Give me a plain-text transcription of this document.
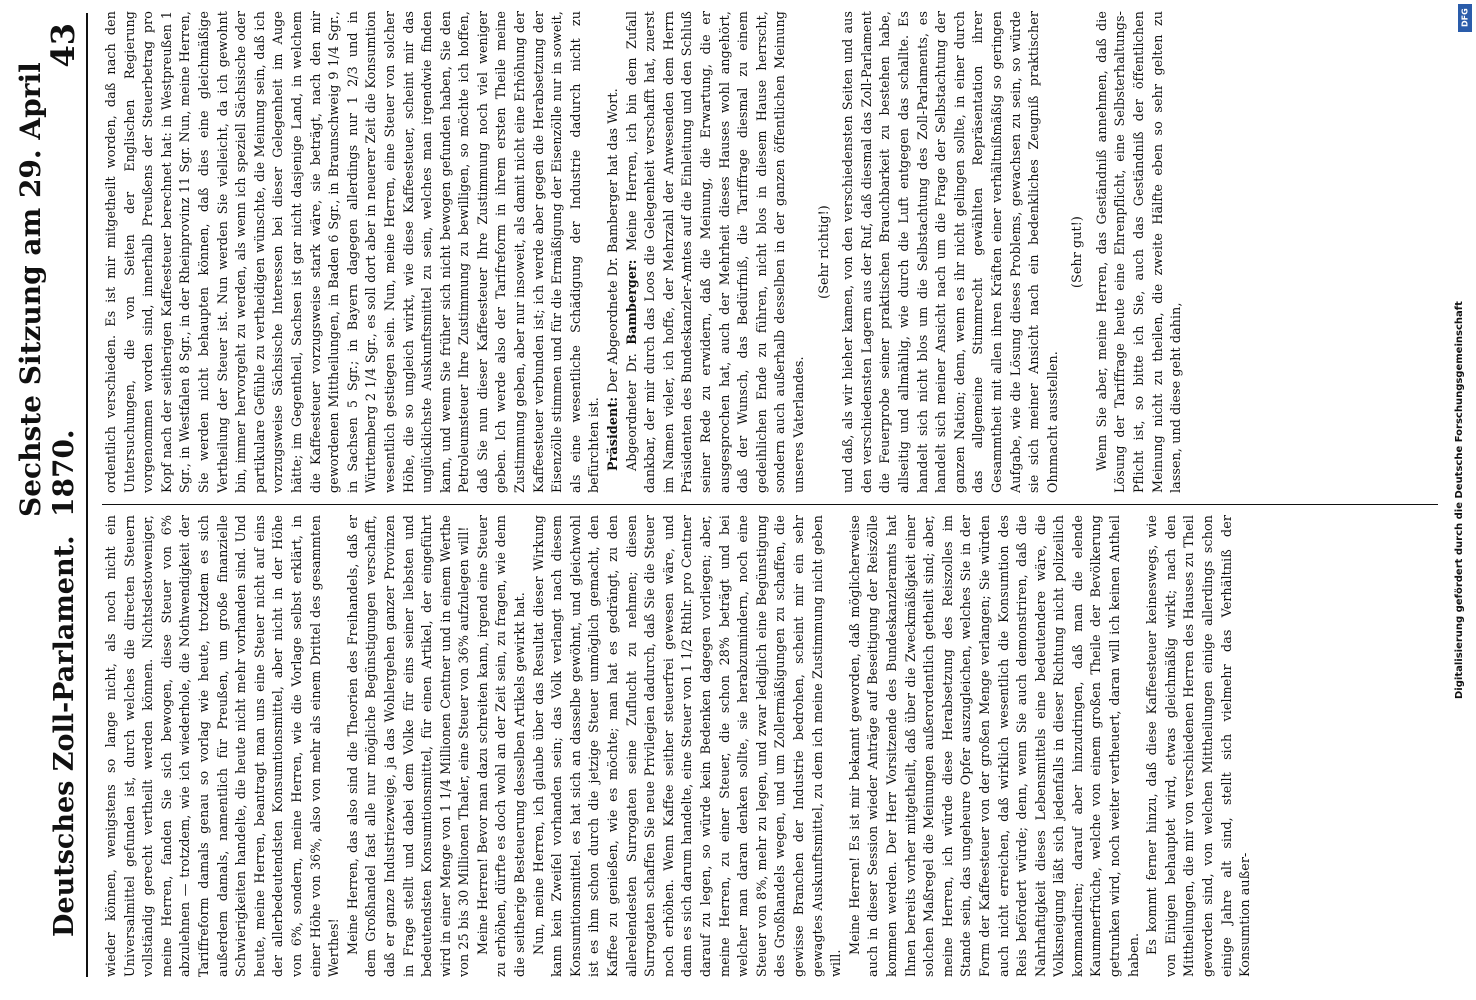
Deutsches Zoll-Parlament.
Sechste Sitzung am 29. April 1870.
43

wieder können, wenigstens so lange nicht, als noch nicht ein Universalmittel gefunden ist, durch welches die directen Steuern vollständig gerecht vertheilt werden können. Nichtsdestoweniger, meine Herren, fanden Sie sich bewogen, diese Steuer von 6% abzulehnen — trotzdem, wie ich wiederhole, die Nothwendigkeit der Tariffreform damals genau so vorlag wie heute, trotzdem es sich außerdem damals, namentlich für Preußen, um große finanzielle Schwierigkeiten handelte, die heute nicht mehr vorhanden sind. Und heute, meine Herren, beantragt man uns eine Steuer nicht auf eins der allerbedeutendsten Konsumtionsmittel, aber nicht in der Höhe von 6%, sondern, meine Herren, wie die Vorlage selbst erklärt, in einer Höhe von 36%, also von mehr als einem Drittel des gesammten Werthes! Meine Herren, das also sind die Theorien des Freihandels, daß er dem Großhandel fast alle nur mögliche Begünstigungen verschafft, daß er ganze Industriezweige, ja das Wohlergehen ganzer Provinzen in Frage stellt und dabei dem Volke für eins seiner liebsten und bedeutendsten Konsumtionsmittel, für einen Artikel, der eingeführt wird in einer Menge von 1 1/4 Millionen Centner und in einem Werthe von 25 bis 30 Millionen Thaler, eine Steuer von 36% aufzulegen will! Meine Herren! Bevor man dazu schreiten kann, irgend eine Steuer zu erhöhen, dürfte es doch wohl an der Zeit sein, zu fragen, wie denn die seitherige Besteuerung desselben Artikels gewirkt hat. Nun, meine Herren, ich glaube über das Resultat dieser Wirkung kann kein Zweifel vorhanden sein; das Volk verlangt nach diesem Konsumtionsmittel. es hat sich an dasselbe gewöhnt, und gleichwohl ist es ihm schon durch die jetzige Steuer unmöglich gemacht, den Kaffee zu genießen, wie es möchte; man hat es gedrängt, zu den allerelendesten Surrogaten seine Zuflucht zu nehmen; diesen Surrogaten schaffen Sie neue Privilegien dadurch, daß Sie die Steuer noch erhöhen. Wenn Kaffee seither steuerfrei gewesen wäre, und dann es sich darum handelte, eine Steuer von 1 1/2 Rthlr. pro Centner darauf zu legen, so würde kein Bedenken dagegen vorliegen; aber, meine Herren, zu einer Steuer, die schon 28% beträgt und bei welcher man daran denken sollte, sie herabzumindern, noch eine Steuer von 8%, mehr zu legen, und zwar lediglich eine Begünstigung des Großhandels wegen, und um Zollermäßigungen zu schaffen, die gewisse Branchen der Industrie bedrohen, scheint mir ein sehr gewagtes Auskunftsmittel, zu dem ich meine Zustimmung nicht geben will.

Meine Herren! Es ist mir bekannt geworden, daß möglicherweise auch in dieser Session wieder Anträge auf Beseitigung der Reiszölle kommen werden. Der Herr Vorsitzende des Bundeskanzleramts hat Ihnen bereits vorher mitgetheilt, daß über die Zweckmäßigkeit einer solchen Maßregel die Meinungen außerordentlich getheilt sind; aber, meine Herren, ich würde diese Herabsetzung des Reiszolles im Stande sein, das ungeheure Opfer auszugleichen, welches Sie in der Form der Kaffeesteuer von der großen Menge verlangen; Sie würden auch nicht erreichen, daß wirklich wesentlich die Konsumtion des Reis befördert würde; denn, wenn Sie auch demonstriren, daß die Nahrhaftigkeit dieses Lebensmittels eine bedeutendere wäre, die Volksneigung läßt sich jedenfalls in dieser Richtung nicht polizeilich kommandiren; darauf aber hinzudringen, daß man die elende Kaummerfrüche, welche von einem großen Theile der Bevölkerung getrunken wird, noch weiter vertheuert, daran will ich keinen Antheil haben. Es kommt ferner hinzu, daß diese Kaffeesteuer keineswegs, wie von Einigen behauptet wird, etwas gleichmäßig wirkt; nach den Mittheilungen, die mir von verschiedenen Herren des Hauses zu Theil geworden sind, von welchen Mittheilungen einige allerdings schon einige Jahre alt sind, stellt sich vielmehr das Verhältniß der Konsumtion außer-

ordentlich verschieden. Es ist mir mitgetheilt worden, daß nach den Untersuchungen, die von Seiten der Englischen Regierung vorgenommen worden sind, innerhalb Preußens der Steuerbetrag pro Kopf nach der seitherigen Kaffeesteuer berechnet hat: in Westpreußen 1 Sgr., in Westfalen 8 Sgr., in der Rheinprovinz 11 Sgr. Nun, meine Herren, Sie werden nicht behaupten können, daß dies eine gleichmäßige Vertheilung der Steuer ist. Nun werden Sie vielleicht, da ich gewohnt bin, immer hervorgeht zu werden, als wenn ich speziell Sächsische oder partikulare Gefühle zu vertheidigen wünschte, die Meinung sein, daß ich vorzugsweise Sächsische Interessen bei dieser Gelegenheit im Auge hätte; im Gegentheil, Sachsen ist gar nicht dasjenige Land, in welchem die Kaffeesteuer vorzugsweise stark wäre, sie beträgt, nach den mir gewordenen Mittheilungen, in Baden 6 Sgr., in Braunschweig 9 1/4 Sgr., in Sachsen 5 Sgr.; in Bayern dagegen allerdings nur 1 2/3 und in Württemberg 2 1/4 Sgr., es soll dort aber in neuerer Zeit die Konsumtion wesentlich gestiegen sein. Nun, meine Herren, eine Steuer von solcher Höhe, die so ungleich wirkt, wie diese Kaffeesteuer, scheint mir das unglücklichste Auskunftsmittel zu sein, welches man irgendwie finden kann, und wenn Sie früher sich nicht bewogen gefunden haben, Sie den Petroleumsteuer Ihre Zustimmung zu bewilligen, so möchte ich hoffen, daß Sie nun dieser Kaffeesteuer Ihre Zustimmung noch viel weniger geben. Ich werde also der Tarifreform in ihrem ersten Theile meine Zustimmung geben, aber nur insoweit, als damit nicht eine Erhöhung der Kaffeesteuer verbunden ist; ich werde aber gegen die Herabsetzung der Eisenzölle stimmen und für die Ermäßigung der Eisenzölle nur in soweit, als eine wesentliche Schädigung der Industrie dadurch nicht zu befürchten ist. Präsident: Der Abgeordnete Dr. Bamberger hat das Wort.

Abgeordneter Dr. Bamberger: Meine Herren, ich bin dem Zufall dankbar, der mir durch das Loos die Gelegenheit verschafft hat, zuerst im Namen vieler, ich hoffe, der Mehrzahl der Anwesenden dem Herrn Präsidenten des Bundeskanzler-Amtes auf die Einleitung und den Schluß seiner Rede zu erwidern, daß die Meinung, die Erwartung, die er ausgesprochen hat, auch der Mehrheit dieses Hauses wohl angehört, daß der Wunsch, das Bedürfniß, die Tariffrage diesmal zu einem gedeihlichen Ende zu führen, nicht blos in diesem Hause herrscht, sondern auch außerhalb desselben in der ganzen öffentlichen Meinung unseres Vaterlandes.

(Sehr richtig!) und daß, als wir hieher kamen, von den verschiedensten Seiten und aus den verschiedensten Lagern aus der Ruf, daß diesmal das Zoll-Parlament die Feuerprobe seiner praktischen Brauchbarkeit zu bestehen habe, allseitig und allmählig, wie durch die Luft entgegen das schallte. Es handelt sich nicht blos um die Selbstachtung des Zoll-Parlaments, es handelt sich meiner Ansicht nach um die Frage der Selbstachtung der ganzen Nation; denn, wenn es ihr nicht gelingen sollte, in einer durch das allgemeine Stimmrecht gewählten Repräsentation ihrer Gesammtheit mit allen ihren Kräften einer verhältnißmäßig so geringen Aufgabe, wie die Lösung dieses Problems, gewachsen zu sein, so würde sie sich meiner Ansicht nach ein bedenkliches Zeugniß praktischer Ohnmacht ausstellen.

(Sehr gut!) Wenn Sie aber, meine Herren, das Geständniß annehmen, daß die Lösung der Tariffrage heute eine Ehrenpflicht, eine Selbsterhaltungs-Pflicht ist, so bitte ich Sie, auch das Geständniß der öffentlichen Meinung nicht zu theilen, die zweite Hälfte eben so sehr gelten zu lassen, und diese geht dahin,	Digitalisierung gefördert durch die Deutsche Forschungsgemeinschaft
DFG
